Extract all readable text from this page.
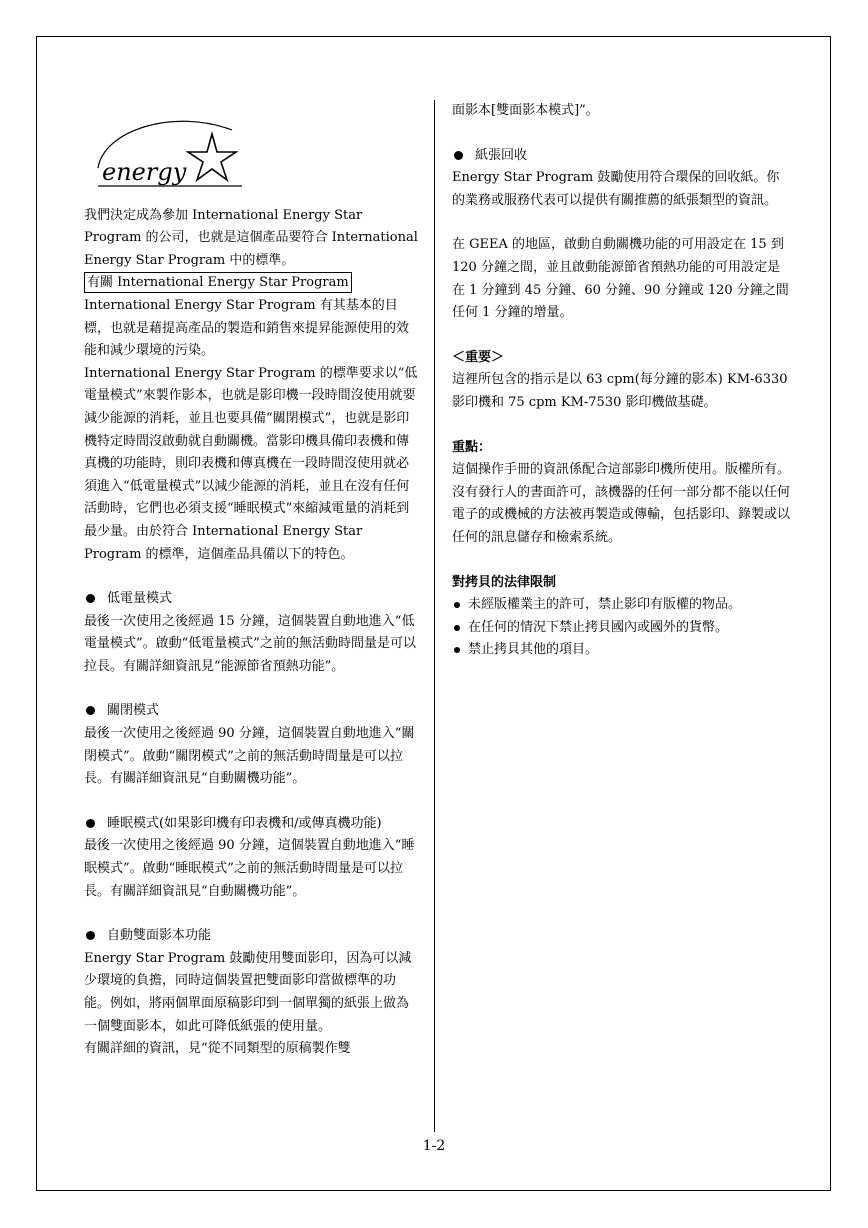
energy

我們決定成為參加 International Energy Star Program 的公司，也就是這個產品要符合 International Energy Star Program 中的標準。

有關 International Energy Star Program

International Energy Star Program 有其基本的目標，也就是藉提高產品的製造和銷售來提昇能源使用的效能和減少環境的污染。

International Energy Star Program 的標準要求以“低電量模式”來製作影本，也就是影印機一段時間沒使用就要減少能源的消耗，並且也要具備“關閉模式”，也就是影印機特定時間沒啟動就自動關機。當影印機具備印表機和傳真機的功能時，則印表機和傳真機在一段時間沒使用就必須進入“低電量模式”以減少能源的消耗，並且在沒有任何活動時，它們也必須支援“睡眠模式”來縮減電量的消耗到最少量。由於符合 International Energy Star Program 的標準，這個產品具備以下的特色。

低電量模式

最後一次使用之後經過 15 分鐘，這個裝置自動地進入“低電量模式”。啟動“低電量模式”之前的無活動時間量是可以拉長。有關詳細資訊見“能源節省預熱功能”。

關閉模式

最後一次使用之後經過 90 分鐘，這個裝置自動地進入“關閉模式”。啟動“關閉模式”之前的無活動時間量是可以拉長。有關詳細資訊見“自動關機功能”。

睡眠模式(如果影印機有印表機和/或傳真機功能)

最後一次使用之後經過 90 分鐘，這個裝置自動地進入“睡眠模式”。啟動“睡眠模式”之前的無活動時間量是可以拉長。有關詳細資訊見“自動關機功能”。

自動雙面影本功能

Energy Star Program 鼓勵使用雙面影印，因為可以減少環境的負擔，同時這個裝置把雙面影印當做標準的功能。例如，將兩個單面原稿影印到一個單獨的紙張上做為一個雙面影本，如此可降低紙張的使用量。

有關詳細的資訊，見“從不同類型的原稿製作雙

面影本[雙面影本模式]”。

紙張回收

Energy Star Program 鼓勵使用符合環保的回收紙。你的業務或服務代表可以提供有關推薦的紙張類型的資訊。

在 GEEA 的地區，啟動自動關機功能的可用設定在 15 到 120 分鐘之間，並且啟動能源節省預熱功能的可用設定是在 1 分鐘到 45 分鐘、60 分鐘、90 分鐘或 120 分鐘之間任何 1 分鐘的增量。

＜重要＞

這裡所包含的指示是以 63 cpm(每分鐘的影本) KM-6330 影印機和 75 cpm KM-7530 影印機做基礎。

重點：

這個操作手冊的資訊係配合這部影印機所使用。版權所有。 沒有發行人的書面許可，該機器的任何一部分都不能以任何電子的或機械的方法被再製造或傳輸，包括影印、錄製或以任何的訊息儲存和檢索系統。

對拷貝的法律限制

未經版權業主的許可，禁止影印有版權的物品。
在任何的情況下禁止拷貝國內或國外的貨幣。
禁止拷貝其他的項目。
1-2
